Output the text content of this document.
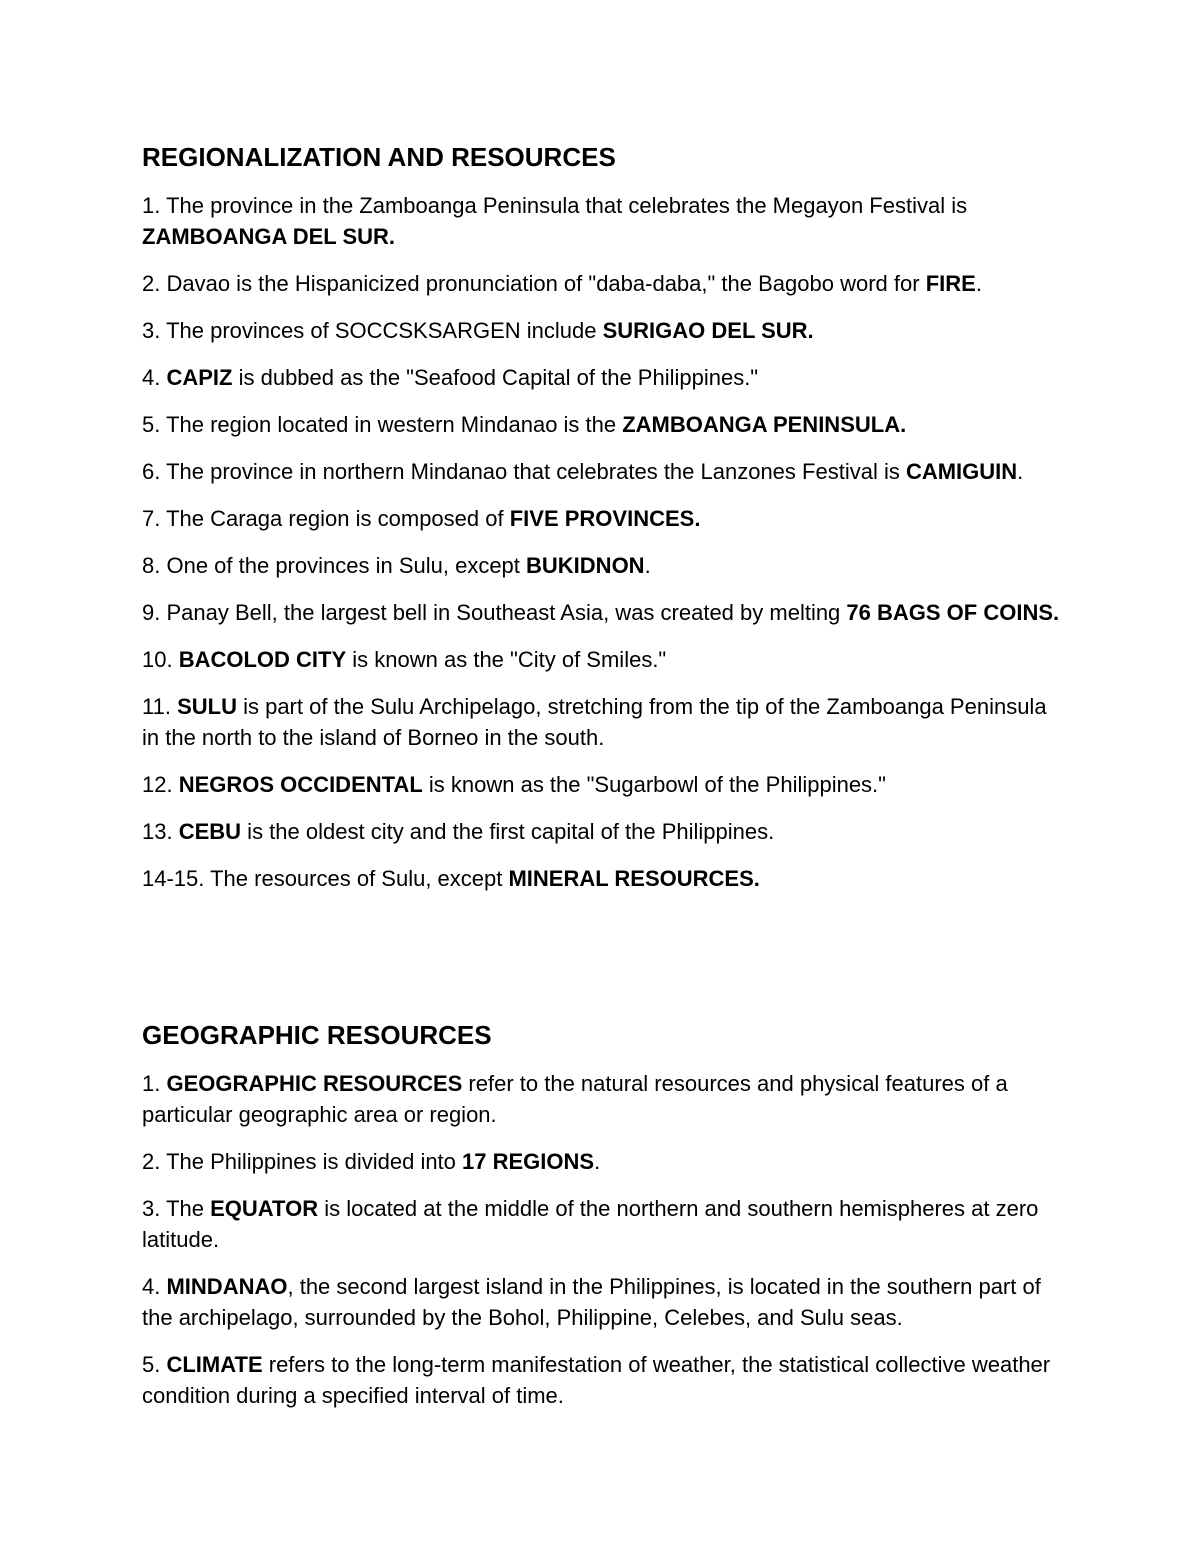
REGIONALIZATION AND RESOURCES
1. The province in the Zamboanga Peninsula that celebrates the Megayon Festival is ZAMBOANGA DEL SUR.
2. Davao is the Hispanicized pronunciation of "daba-daba," the Bagobo word for FIRE.
3. The provinces of SOCCSKSARGEN include SURIGAO DEL SUR.
4. CAPIZ is dubbed as the "Seafood Capital of the Philippines."
5. The region located in western Mindanao is the ZAMBOANGA PENINSULA.
6. The province in northern Mindanao that celebrates the Lanzones Festival is CAMIGUIN.
7. The Caraga region is composed of FIVE PROVINCES.
8. One of the provinces in Sulu, except BUKIDNON.
9. Panay Bell, the largest bell in Southeast Asia, was created by melting 76 BAGS OF COINS.
10. BACOLOD CITY is known as the "City of Smiles."
11. SULU is part of the Sulu Archipelago, stretching from the tip of the Zamboanga Peninsula in the north to the island of Borneo in the south.
12. NEGROS OCCIDENTAL is known as the "Sugarbowl of the Philippines."
13. CEBU is the oldest city and the first capital of the Philippines.
14-15. The resources of Sulu, except MINERAL RESOURCES.
GEOGRAPHIC RESOURCES
1. GEOGRAPHIC RESOURCES refer to the natural resources and physical features of a particular geographic area or region.
2. The Philippines is divided into 17 REGIONS.
3. The EQUATOR is located at the middle of the northern and southern hemispheres at zero latitude.
4. MINDANAO, the second largest island in the Philippines, is located in the southern part of the archipelago, surrounded by the Bohol, Philippine, Celebes, and Sulu seas.
5. CLIMATE refers to the long-term manifestation of weather, the statistical collective weather condition during a specified interval of time.
